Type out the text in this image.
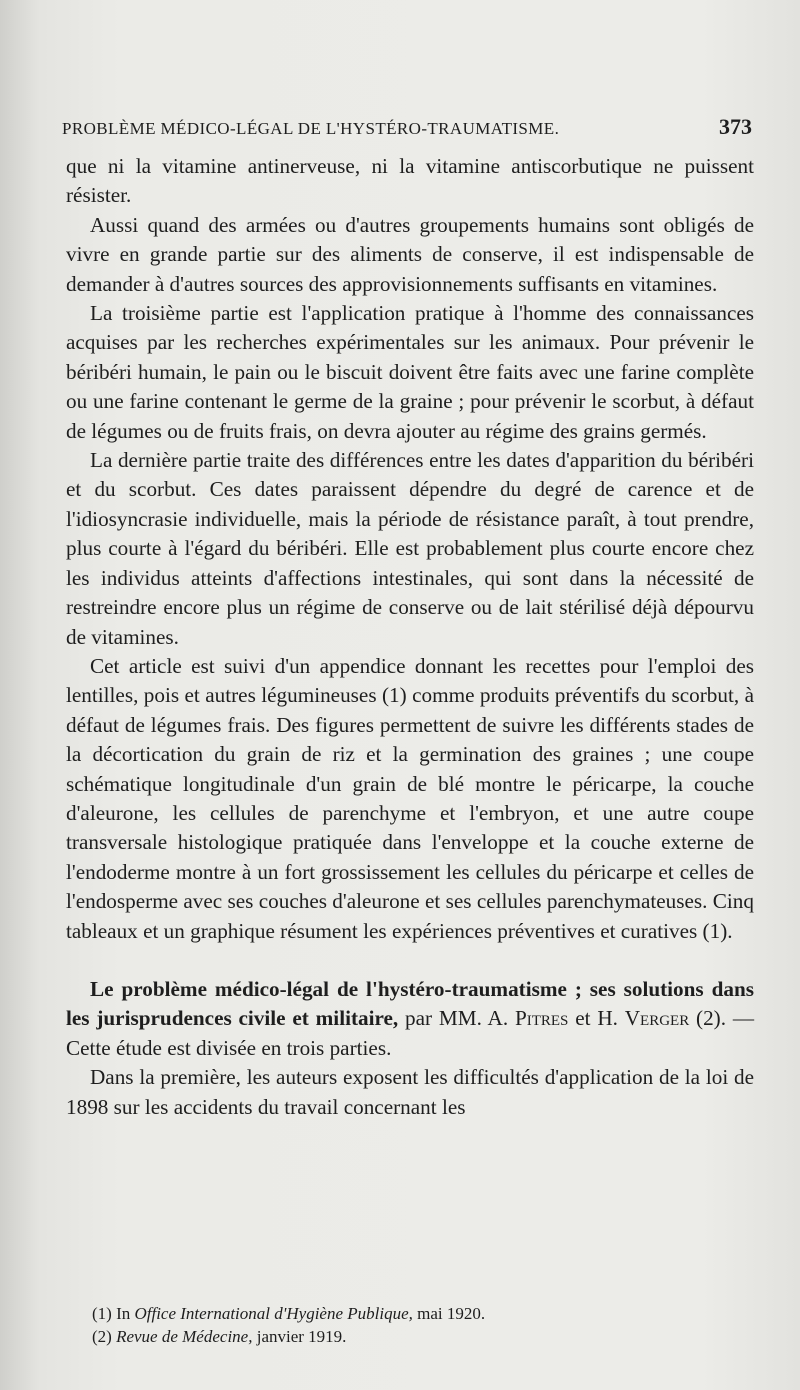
PROBLÈME MÉDICO-LÉGAL DE L'HYSTÉRO-TRAUMATISME.	373

que ni la vitamine antinerveuse, ni la vitamine antiscorbutique ne puissent résister.

Aussi quand des armées ou d'autres groupements humains sont obligés de vivre en grande partie sur des aliments de conserve, il est indispensable de demander à d'autres sources des approvisionnements suffisants en vitamines.

La troisième partie est l'application pratique à l'homme des connaissances acquises par les recherches expérimentales sur les animaux. Pour prévenir le béribéri humain, le pain ou le biscuit doivent être faits avec une farine complète ou une farine contenant le germe de la graine ; pour prévenir le scorbut, à défaut de légumes ou de fruits frais, on devra ajouter au régime des grains germés.

La dernière partie traite des différences entre les dates d'apparition du béribéri et du scorbut. Ces dates paraissent dépendre du degré de carence et de l'idiosyncrasie individuelle, mais la période de résistance paraît, à tout prendre, plus courte à l'égard du béribéri. Elle est probablement plus courte encore chez les individus atteints d'affections intestinales, qui sont dans la nécessité de restreindre encore plus un régime de conserve ou de lait stérilisé déjà dépourvu de vitamines.

Cet article est suivi d'un appendice donnant les recettes pour l'emploi des lentilles, pois et autres légumineuses (1) comme produits préventifs du scorbut, à défaut de légumes frais. Des figures permettent de suivre les différents stades de la décortication du grain de riz et la germination des graines ; une coupe schématique longitudinale d'un grain de blé montre le péricarpe, la couche d'aleurone, les cellules de parenchyme et l'embryon, et une autre coupe transversale histologique pratiquée dans l'enveloppe et la couche externe de l'endoderme montre à un fort grossissement les cellules du péricarpe et celles de l'endosperme avec ses couches d'aleurone et ses cellules parenchymateuses. Cinq tableaux et un graphique résument les expériences préventives et curatives (1).

Le problème médico-légal de l'hystéro-traumatisme ; ses solutions dans les jurisprudences civile et militaire, par MM. A. Pitres et H. Verger (2). — Cette étude est divisée en trois parties.

Dans la première, les auteurs exposent les difficultés d'application de la loi de 1898 sur les accidents du travail concernant les

(1) In Office International d'Hygiène Publique, mai 1920.

(2) Revue de Médecine, janvier 1919.
